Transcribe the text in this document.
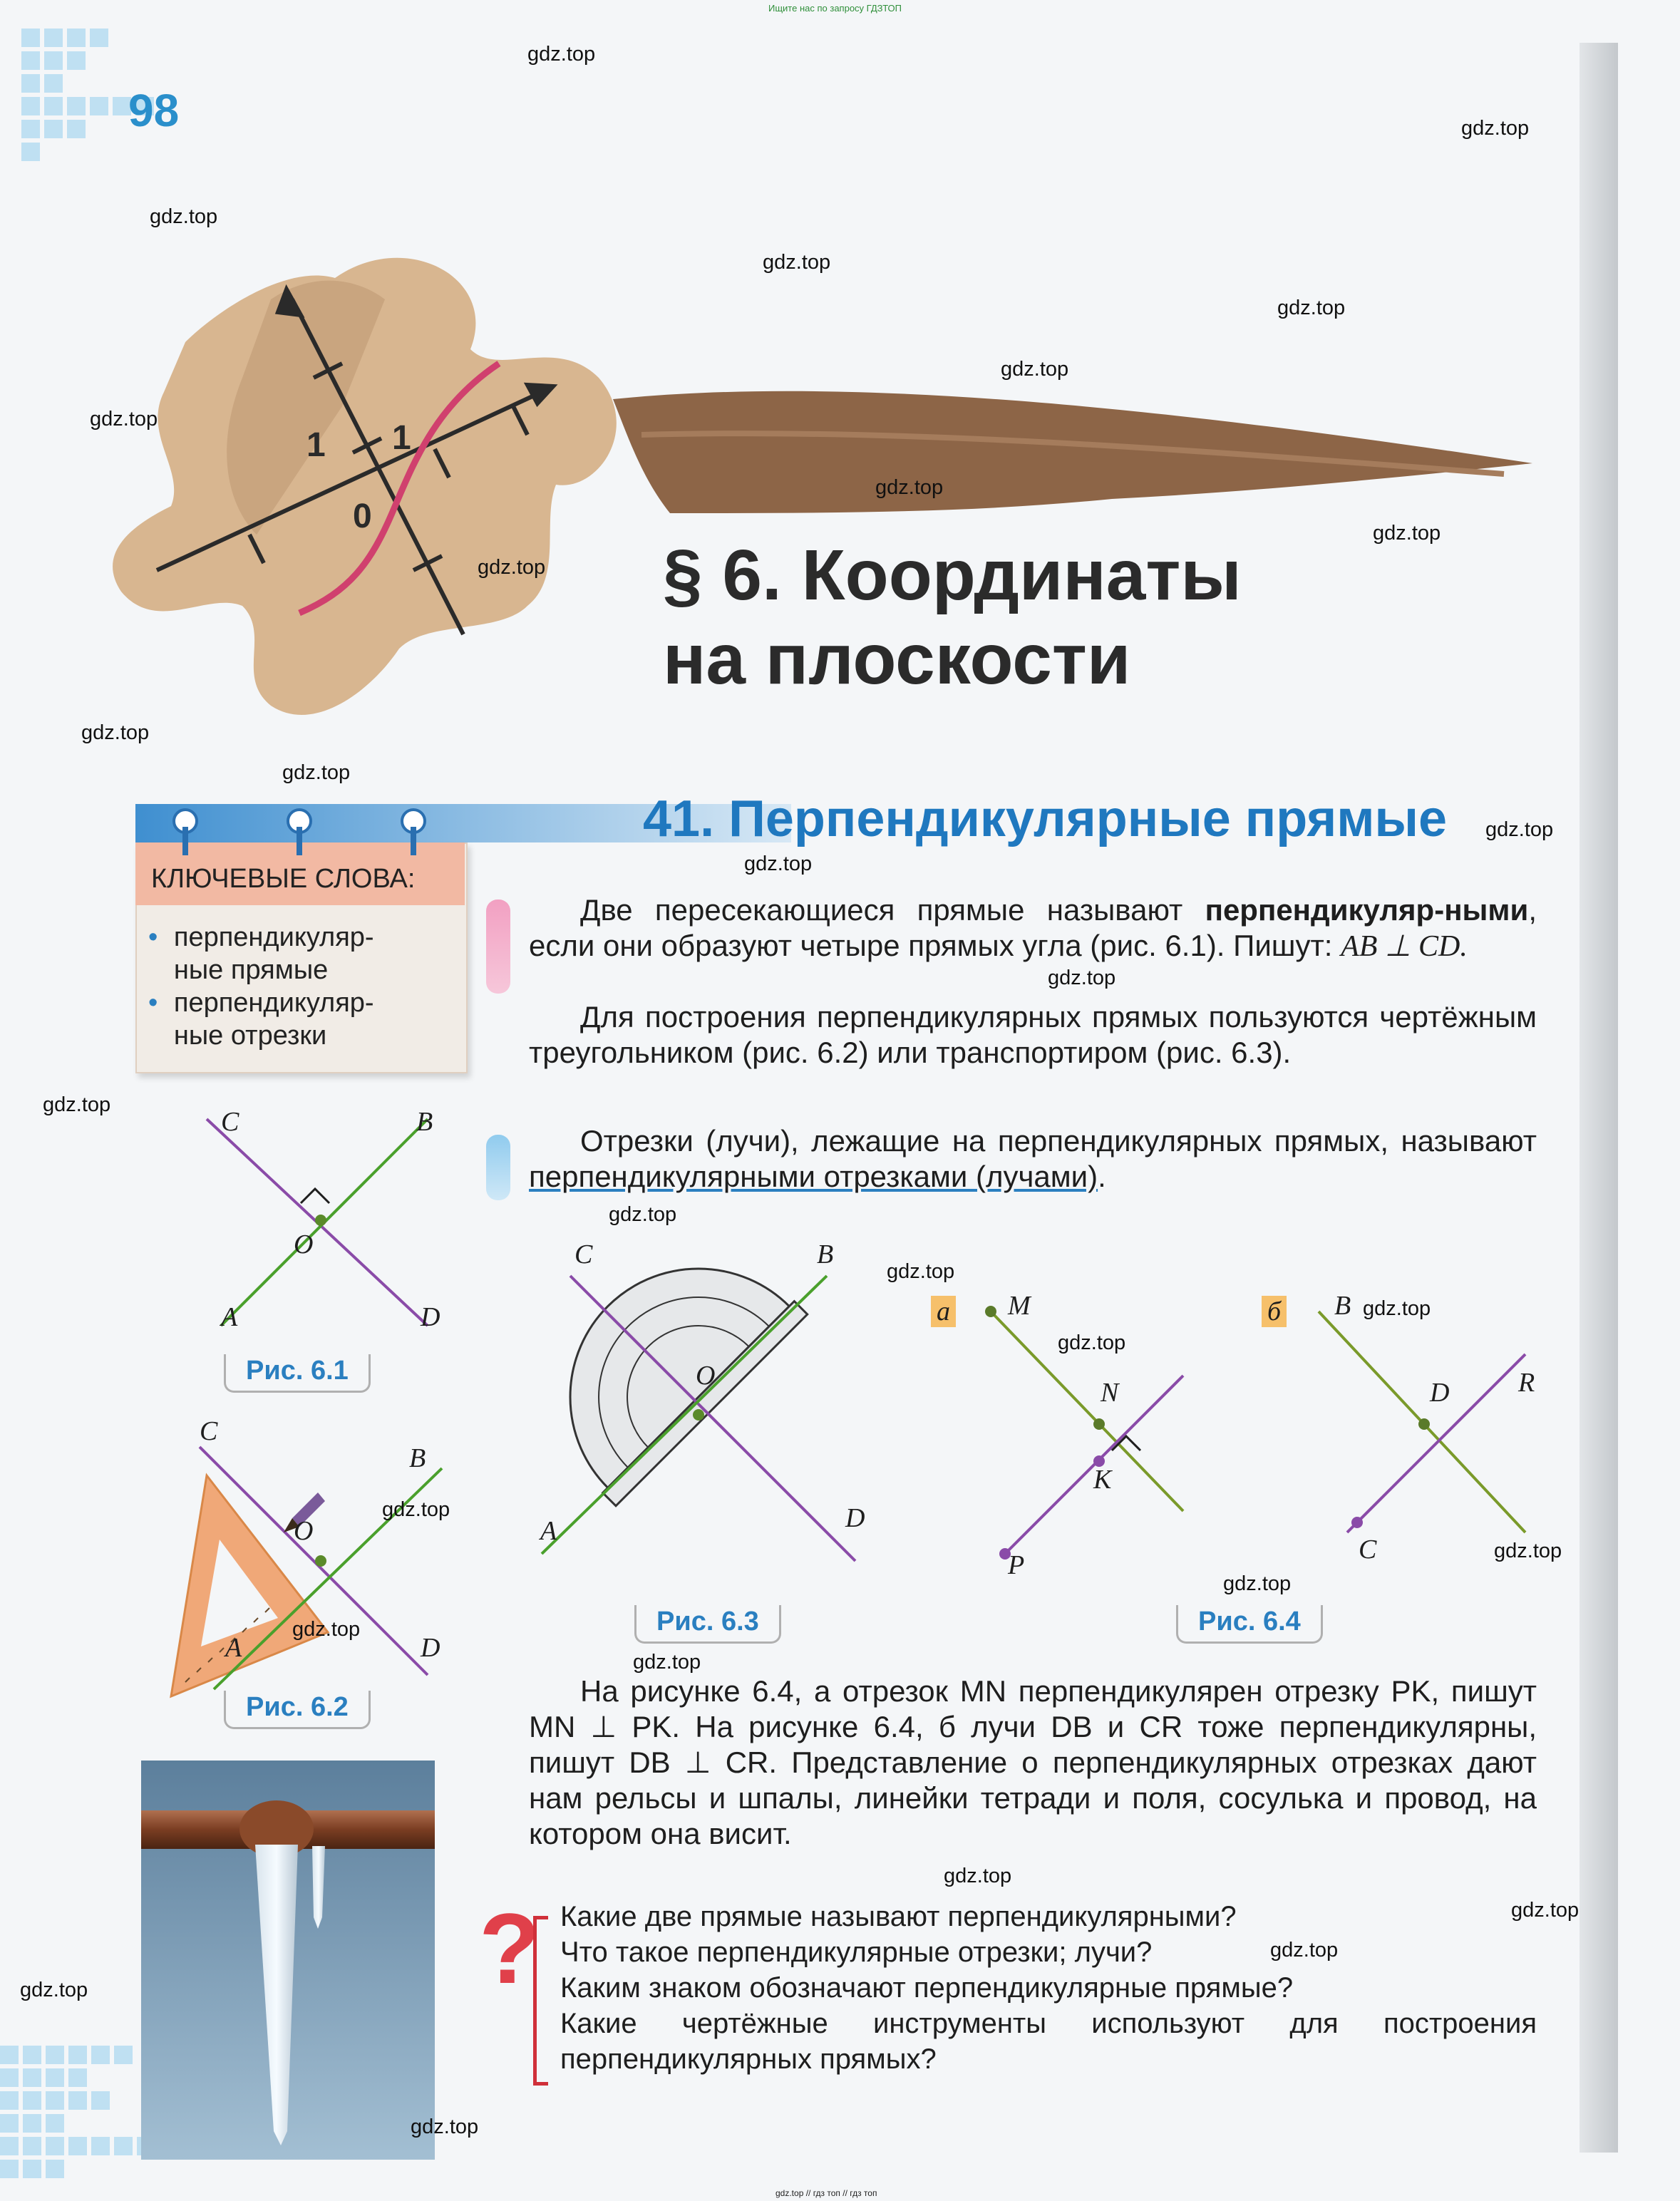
Ищите нас по запросу ГДЗТОП
gdz.top // гдз топ // гдз топ
98
1 1
0
§ 6. Координаты
на плоскости
41. Перпендикулярные прямые
КЛЮЧЕВЫЕ СЛОВА:
• перпендикуляр-
ные прямые
• перпендикуляр-
ные отрезки
Две пересекающиеся прямые называют перпендикуляр-ными, если они образуют четыре прямых угла (рис. 6.1). Пишут: AB ⊥ CD.
Для построения перпендикулярных прямых пользуются чертёжным треугольником (рис. 6.2) или транспортиром (рис. 6.3).
Отрезки (лучи), лежащие на перпендикулярных прямых, называют перпендикулярными отрезками (лучами).
На рисунке 6.4, а отрезок MN перпендикулярен отрезку PK, пишут MN ⊥ PK. На рисунке 6.4, б лучи DB и CR тоже перпендикулярны, пишут DB ⊥ CR. Представление о перпендикулярных отрезках дают нам рельсы и шпалы, линейки тетради и поля, сосулька и провод, на котором она висит.
C	B
O
A	D
Рис. 6.1
C
B
O
A	D
Рис. 6.2
C	B
O
A	D
Рис. 6.3
а M
N
K
P
б B
D	R
C
Рис. 6.4
? Какие две прямые называют перпендикулярными?
Что такое перпендикулярные отрезки; лучи?
Каким знаком обозначают перпендикулярные прямые?
Какие чертёжные инструменты используют для построения перпендикулярных прямых?
gdz.top
gdz.top
gdz.top
gdz.top
gdz.top
gdz.top
gdz.top
gdz.top
gdz.top
gdz.top
gdz.top
gdz.top
gdz.top
gdz.top
gdz.top
gdz.top
gdz.top
gdz.top
gdz.top
gdz.top
gdz.top
gdz.top
gdz.top
gdz.top
gdz.top
gdz.top
gdz.top
gdz.top
gdz.top
gdz.top
